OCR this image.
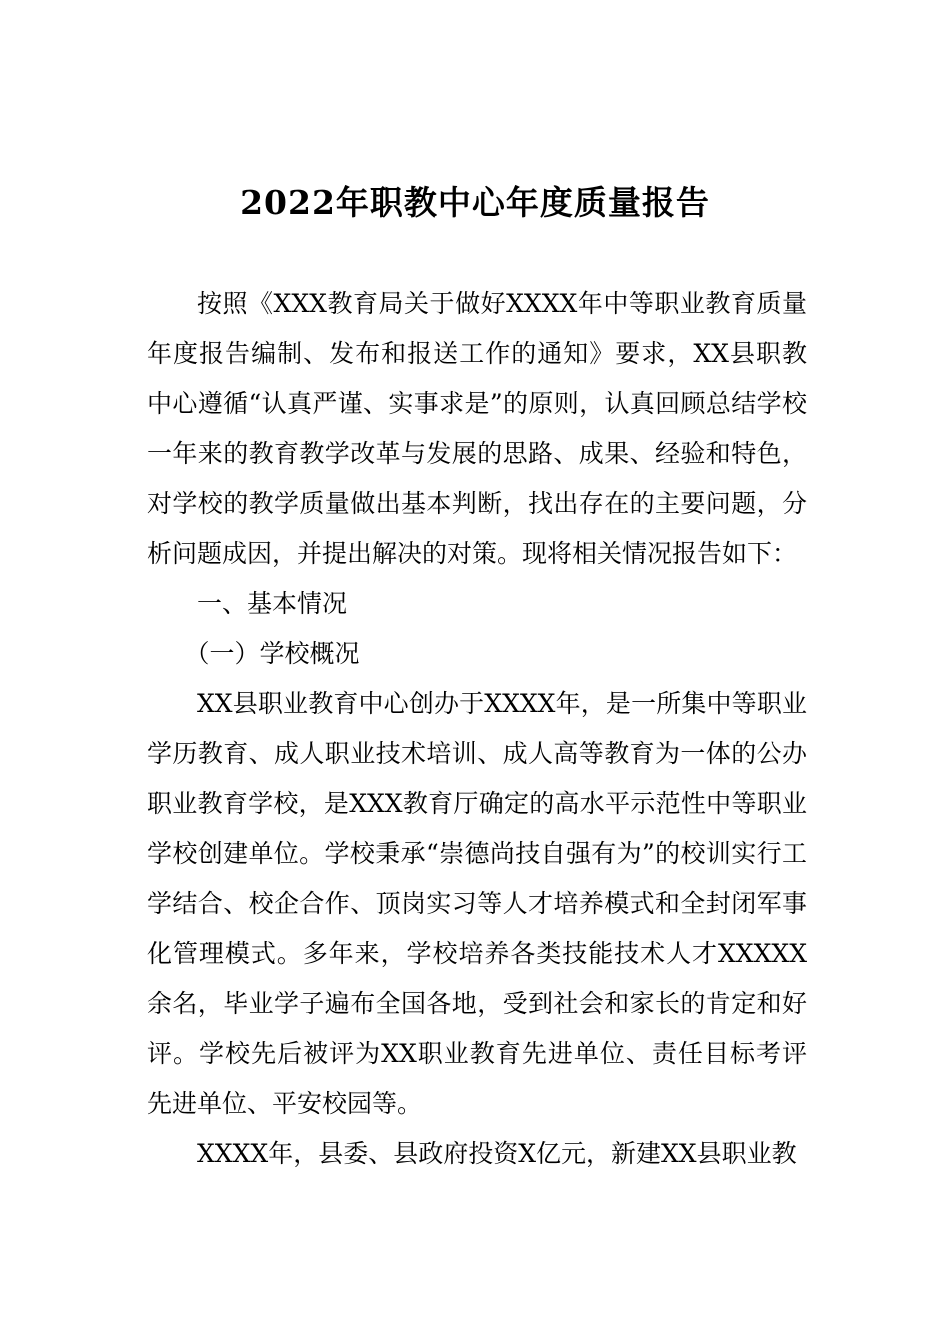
2022年职教中心年度质量报告

按照《XXX教育局关于做好XXXX年中等职业教育质量年度报告编制、发布和报送工作的通知》要求，XX县职教中心遵循“认真严谨、实事求是”的原则，认真回顾总结学校一年来的教育教学改革与发展的思路、成果、经验和特色，对学校的教学质量做出基本判断，找出存在的主要问题，分析问题成因，并提出解决的对策。现将相关情况报告如下：

一、基本情况

（一）学校概况

XX县职业教育中心创办于XXXX年，是一所集中等职业学历教育、成人职业技术培训、成人高等教育为一体的公办职业教育学校，是XXX教育厅确定的高水平示范性中等职业学校创建单位。学校秉承“崇德尚技自强有为”的校训实行工学结合、校企合作、顶岗实习等人才培养模式和全封闭军事化管理模式。多年来，学校培养各类技能技术人才XXXXX余名，毕业学子遍布全国各地，受到社会和家长的肯定和好评。学校先后被评为XX职业教育先进单位、责任目标考评先进单位、平安校园等。

XXXX年，县委、县政府投资X亿元，新建XX县职业教
